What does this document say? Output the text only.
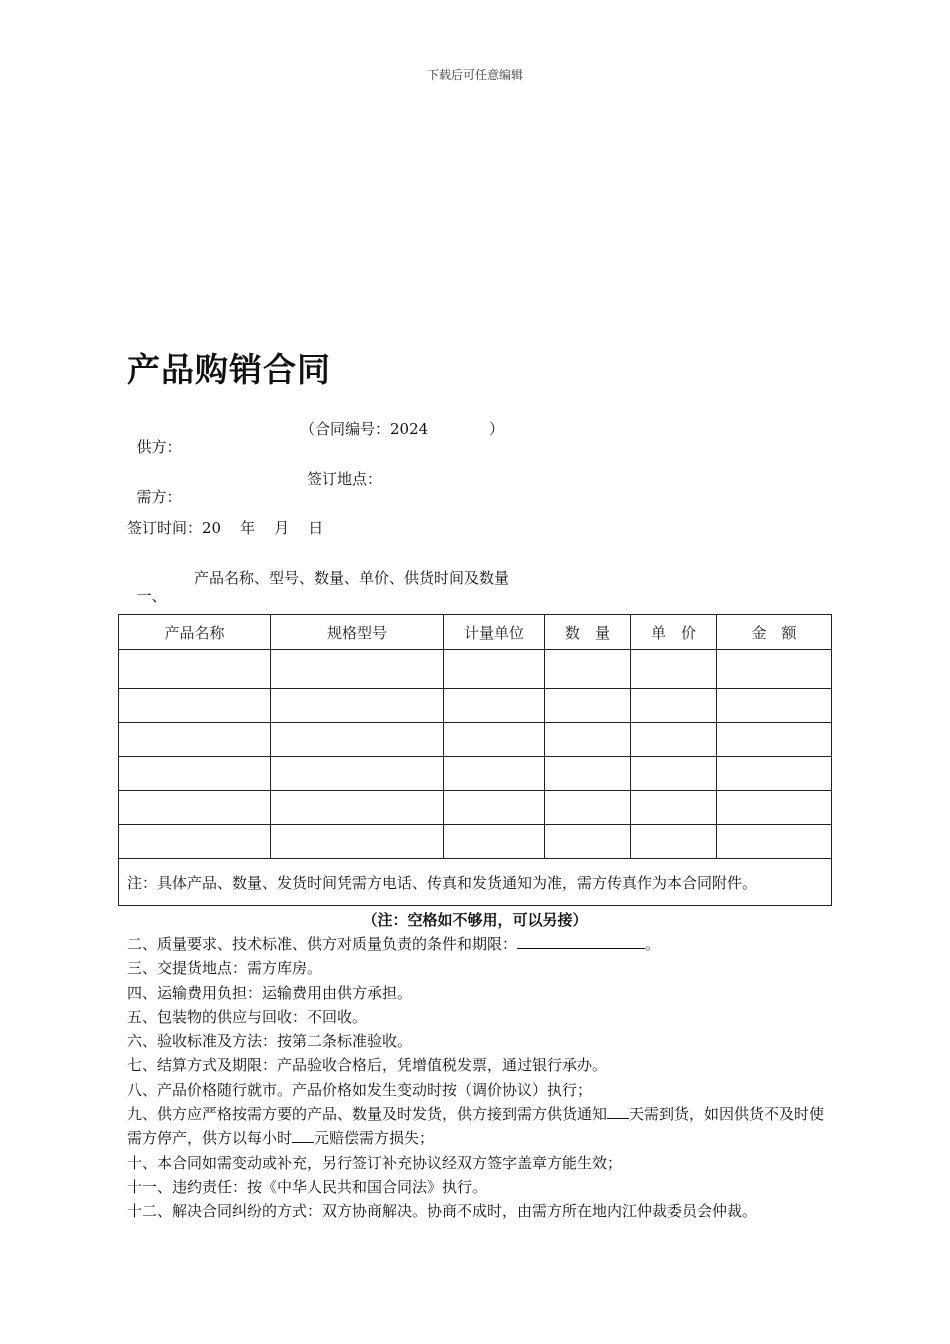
下载后可任意编辑
产品购销合同

供方：

（合同编号：2024

	）

需方：

签订地点：

签订时间：20    年    月    日

一、

产品名称、型号、数量、单价、供货时间及数量

产品名称	规格型号	计量单位	数　量	单　价	金　额

注：具体产品、数量、发货时间凭需方电话、传真和发货通知为准，需方传真作为本合同附件。					
（注：空格如不够用，可以另接）

二、质量要求、技术标准、供方对质量负责的条件和期限：	。

三、交提货地点：需方库房。

四、运输费用负担：运输费用由供方承担。

五、包装物的供应与回收：不回收。

六、验收标准及方法：按第二条标准验收。

七、结算方式及期限：产品验收合格后，凭增值税发票，通过银行承办。

八、产品价格随行就市。产品价格如发生变动时按（调价协议）执行；

九、供方应严格按需方要的产品、数量及时发货，供方接到需方供货通知 天需到货，如因供货不及时使需方停产，供方以每小时 元赔偿需方损失；

十、本合同如需变动或补充，另行签订补充协议经双方签字盖章方能生效；

十一、违约责任：按《中华人民共和国合同法》执行。

十二、解决合同纠纷的方式：双方协商解决。协商不成时，由需方所在地内江仲裁委员会仲裁。
